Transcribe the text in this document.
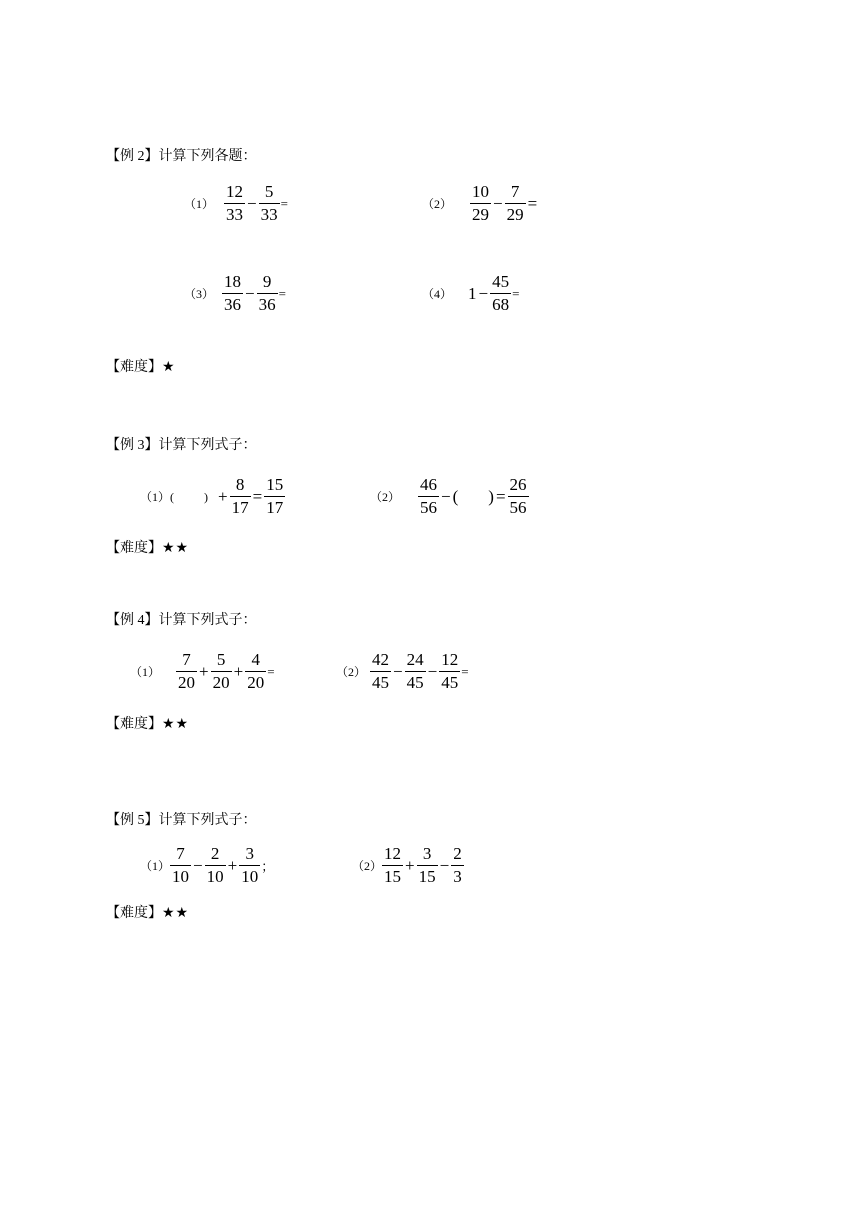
【例 2】计算下列各题：
$(1) \frac{12}{33} - \frac{5}{33}$ =	$(2) \frac{10}{29} - \frac{7}{29}$ =
$(3) \frac{18}{36} - \frac{9}{36}$ =	（4） $1 - \frac{45}{68}$ =
【难度】★
【例 3】计算下列式子：
（1） (	) + $\frac{8}{17} = \frac{15}{17}$	$(2) \frac{46}{56}$ − ( ) = $\frac{26}{56}$
【难度】★★
【例 4】计算下列式子：
$(1) \frac{7}{20} + \frac{5}{20} + \frac{4}{20}$ =	$(2) \frac{42}{45} - \frac{24}{45} - \frac{12}{45}$ =
【难度】★★
【例 5】计算下列式子：
$(1) \frac{7}{10} - \frac{2}{10} + \frac{3}{10}$ ；	$(2) \frac{12}{15} + \frac{3}{15} - \frac{2}{3}$
【难度】★★
